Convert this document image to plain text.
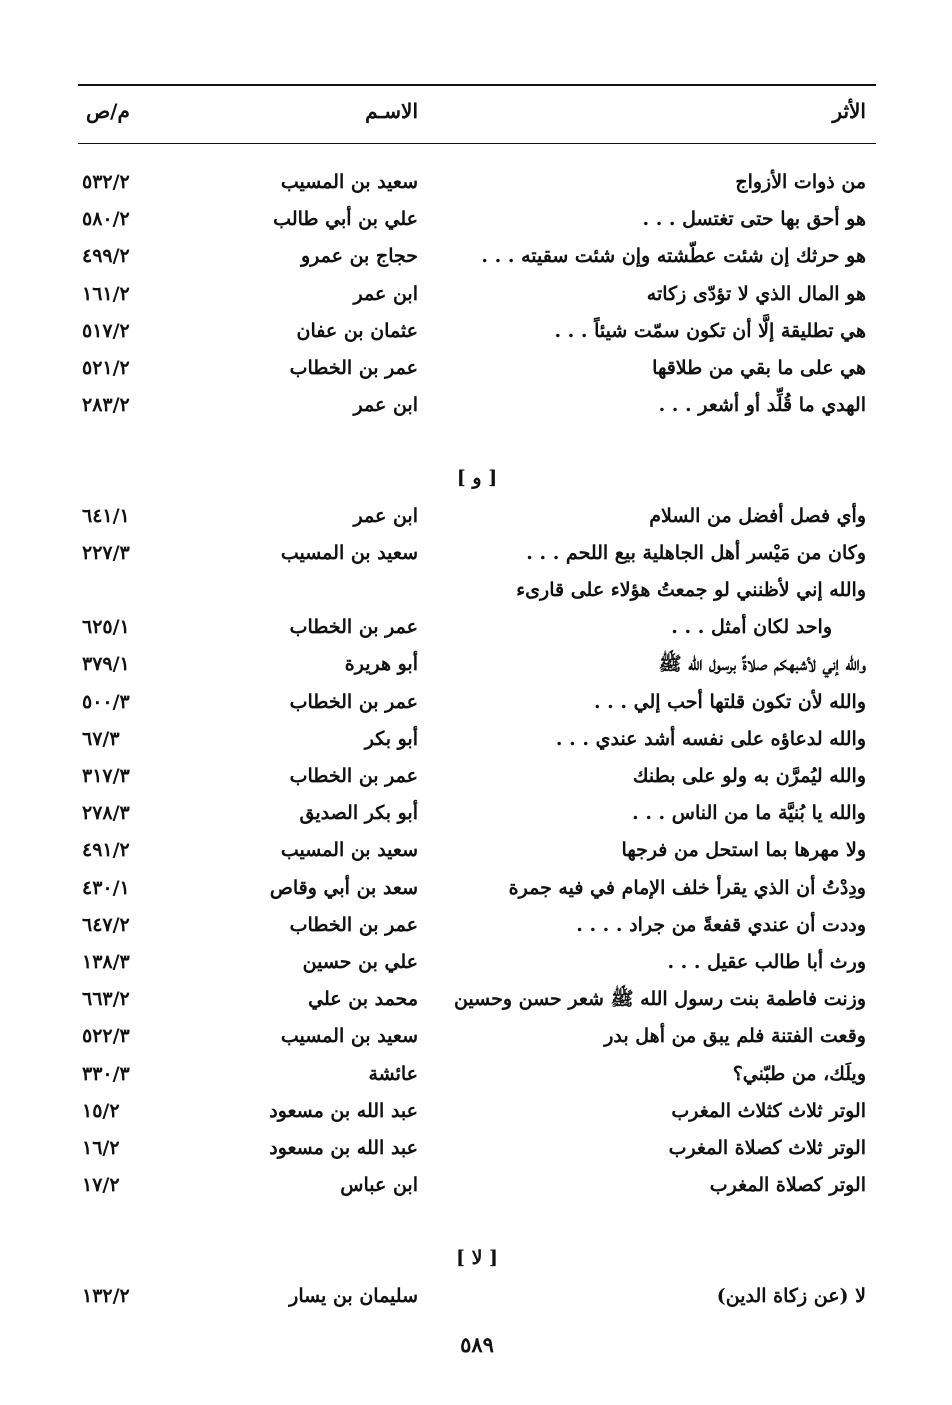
الأثر
الاسـم
م/ص
من ذوات الأزواج
سعيد بن المسيب
٥٣٢/٢
هو أحق بها حتى تغتسل . . .
علي بن أبي طالب
٥٨٠/٢
هو حرثك إن شئت عطّشته وإن شئت سقيته . . .
حجاج بن عمرو
٤٩٩/٢
هو المال الذي لا تؤدّى زكاته
ابن عمر
١٦١/٢
هي تطليقة إلَّا أن تكون سمّت شيئاً . . .
عثمان بن عفان
٥١٧/٢
هي على ما بقي من طلاقها
عمر بن الخطاب
٥٢١/٢
الهدي ما قُلِّد أو أشعر . . .
ابن عمر
٢٨٣/٢
[ و ]
وأي فصل أفضل من السلام
ابن عمر
٦٤١/١
وكان من مَيْسر أهل الجاهلية بيع اللحم . . .
سعيد بن المسيب
٢٢٧/٣
والله إني لأظنني لو جمعتُ هؤلاء على قارىء
واحد لكان أمثل . . .
عمر بن الخطاب
٦٢٥/١
والله إني لأشبهكم صلاةً برسول الله ﷺ
أبو هريرة
٣٧٩/١
والله لأن تكون قلتها أحب إلي . . .
عمر بن الخطاب
٥٠٠/٣
والله لدعاؤه على نفسه أشد عندي . . .
أبو بكر
٦٧/٣
والله ليُمرَّن به ولو على بطنك
عمر بن الخطاب
٣١٧/٣
والله يا بُنيَّة ما من الناس . . .
أبو بكر الصديق
٢٧٨/٣
ولا مهرها بما استحل من فرجها
سعيد بن المسيب
٤٩١/٢
ودِدْتُ أن الذي يقرأ خلف الإمام في فيه جمرة
سعد بن أبي وقاص
٤٣٠/١
وددت أن عندي قفعةً من جراد . . . .
عمر بن الخطاب
٦٤٧/٢
ورث أبا طالب عقيل . . .
علي بن حسين
١٣٨/٣
وزنت فاطمة بنت رسول الله ﷺ شعر حسن وحسين
محمد بن علي
٦٦٣/٢
وقعت الفتنة فلم يبق من أهل بدر
سعيد بن المسيب
٥٢٢/٣
ويلَك، من طبّني؟
عائشة
٣٣٠/٣
الوتر ثلاث كثلاث المغرب
عبد الله بن مسعود
١٥/٢
الوتر ثلاث كصلاة المغرب
عبد الله بن مسعود
١٦/٢
الوتر كصلاة المغرب
ابن عباس
١٧/٢
[ لا ]
لا (عن زكاة الدين)
سليمان بن يسار
١٣٢/٢
٥٨٩
